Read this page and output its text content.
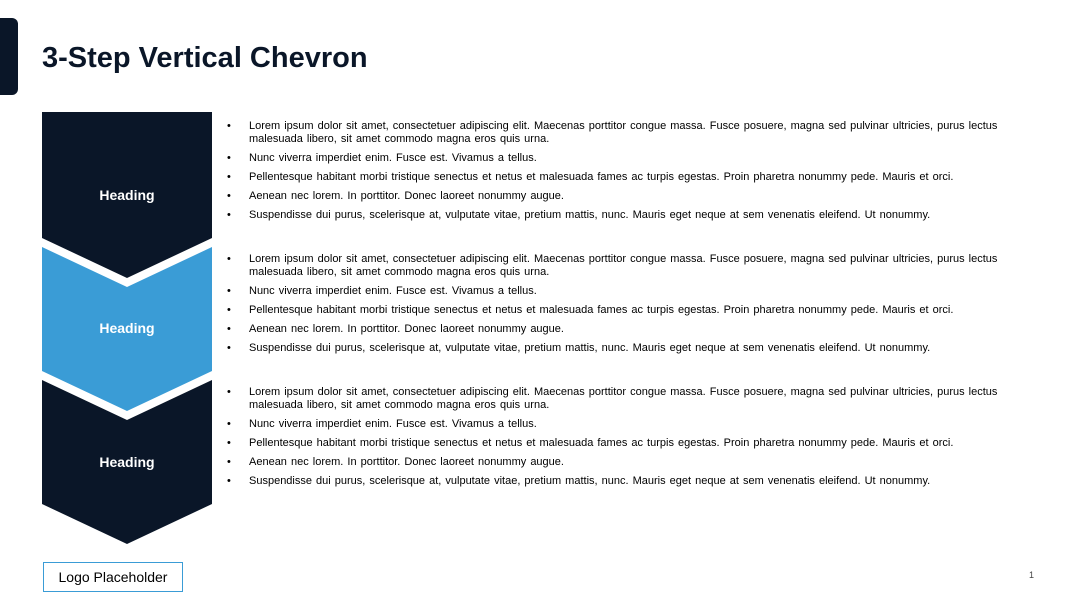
3-Step Vertical Chevron
Heading
Heading
Heading
• Lorem ipsum dolor sit amet, consectetuer adipiscing elit. Maecenas porttitor congue massa. Fusce posuere, magna sed pulvinar ultricies, purus lectus malesuada libero, sit amet commodo magna eros quis urna.
• Nunc viverra imperdiet enim. Fusce est. Vivamus a tellus.
• Pellentesque habitant morbi tristique senectus et netus et malesuada fames ac turpis egestas. Proin pharetra nonummy pede. Mauris et orci.
• Aenean nec lorem. In porttitor. Donec laoreet nonummy augue.
• Suspendisse dui purus, scelerisque at, vulputate vitae, pretium mattis, nunc. Mauris eget neque at sem venenatis eleifend. Ut nonummy.
• Lorem ipsum dolor sit amet, consectetuer adipiscing elit. Maecenas porttitor congue massa. Fusce posuere, magna sed pulvinar ultricies, purus lectus malesuada libero, sit amet commodo magna eros quis urna.
• Nunc viverra imperdiet enim. Fusce est. Vivamus a tellus.
• Pellentesque habitant morbi tristique senectus et netus et malesuada fames ac turpis egestas. Proin pharetra nonummy pede. Mauris et orci.
• Aenean nec lorem. In porttitor. Donec laoreet nonummy augue.
• Suspendisse dui purus, scelerisque at, vulputate vitae, pretium mattis, nunc. Mauris eget neque at sem venenatis eleifend. Ut nonummy.
• Lorem ipsum dolor sit amet, consectetuer adipiscing elit. Maecenas porttitor congue massa. Fusce posuere, magna sed pulvinar ultricies, purus lectus malesuada libero, sit amet commodo magna eros quis urna.
• Nunc viverra imperdiet enim. Fusce est. Vivamus a tellus.
• Pellentesque habitant morbi tristique senectus et netus et malesuada fames ac turpis egestas. Proin pharetra nonummy pede. Mauris et orci.
• Aenean nec lorem. In porttitor. Donec laoreet nonummy augue.
• Suspendisse dui purus, scelerisque at, vulputate vitae, pretium mattis, nunc. Mauris eget neque at sem venenatis eleifend. Ut nonummy.
Logo Placeholder	1
